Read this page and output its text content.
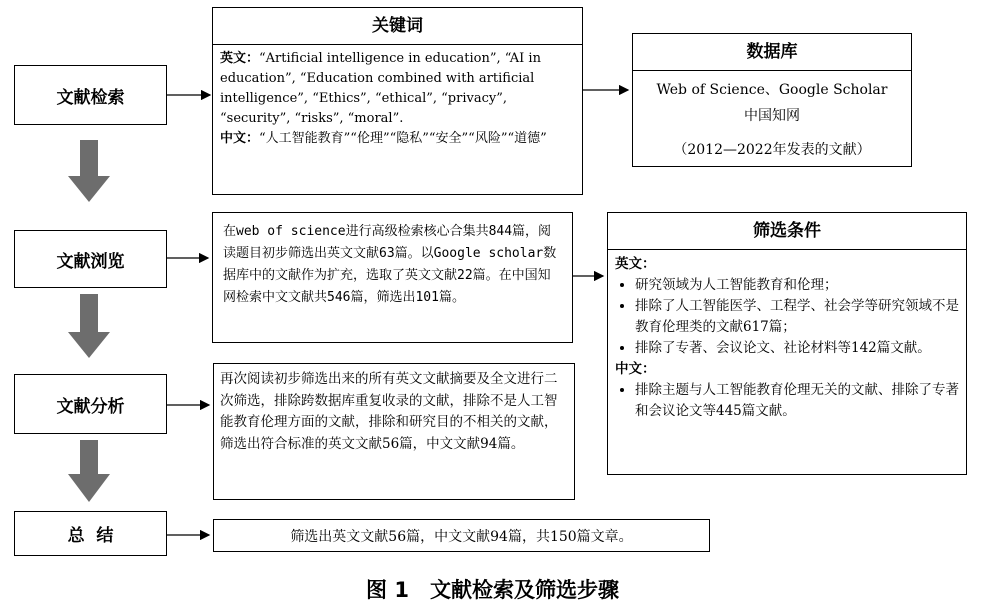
文献检索
文献浏览
文献分析
总  结
关键词
英文：“Artificial intelligence in education”, “AI in education”, “Education combined with artificial intelligence”, “Ethics”, “ethical”, “privacy”, “security”, “risks”, “moral”.
中文：“人工智能教育”“伦理”“隐私”“安全”“风险”“道德”
数据库
Web of Science、Google Scholar
中国知网
（2012—2022年发表的文献）
在web of science进行高级检索核心合集共844篇，阅读题目初步筛选出英文文献63篇。以Google scholar数据库中的文献作为扩充，选取了英文文献22篇。在中国知网检索中文文献共546篇，筛选出101篇。
筛选条件
英文：
• 研究领域为人工智能教育和伦理；
• 排除了人工智能医学、工程学、社会学等研究领域不是教育伦理类的文献617篇；
• 排除了专著、会议论文、社论材料等142篇文献。
中文：
• 排除主题与人工智能教育伦理无关的文献、排除了专著和会议论文等445篇文献。
再次阅读初步筛选出来的所有英文文献摘要及全文进行二次筛选，排除跨数据库重复收录的文献，排除不是人工智能教育伦理方面的文献，排除和研究目的不相关的文献，筛选出符合标准的英文文献56篇，中文文献94篇。
筛选出英文文献56篇，中文文献94篇，共150篇文章。
图 1　文献检索及筛选步骤
